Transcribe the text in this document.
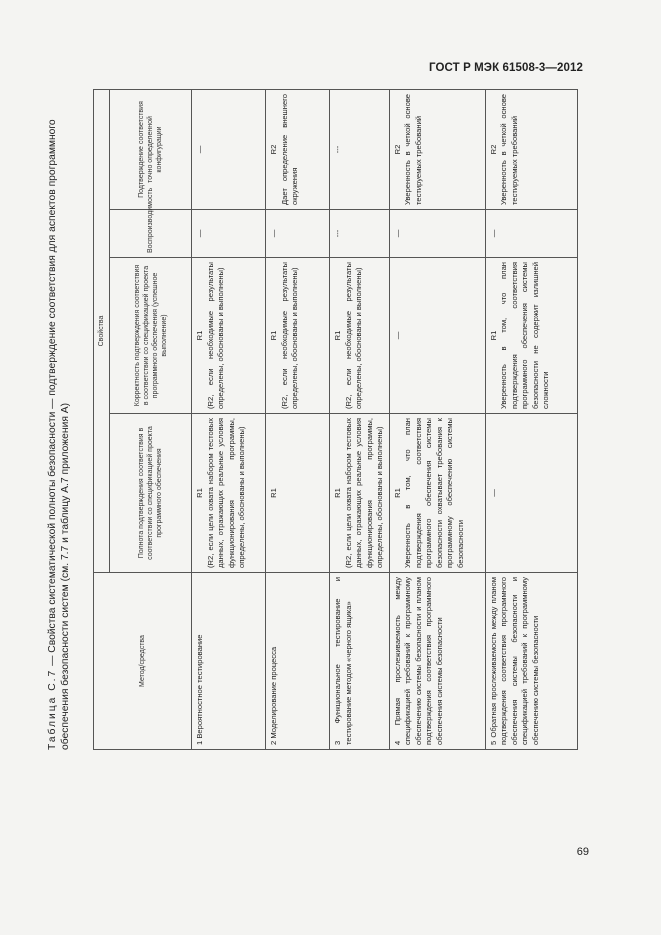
ГОСТ Р МЭК 61508-3—2012
Таблица С.7 — Свойства систематической полноты безопасности — подтверждение соответствия для аспектов программного обеспечения безопасности систем (см. 7.7 и таблицу А.7 приложения А)	Метод/средства	Свойства			
	Полнота подтверждения соответствия в соответствии со спецификацией проекта программного обеспечения	Корректность подтверждения соответствия в соответствии со спецификацией проекта программного обеспечения (успешное выполнение)	Воспроизводимость	Подтверждение соответствия точно определенной конфигурации
1 Вероятностное тестирование	R1 (R2, если цели охвата набором тестовых данных, отражающих реальные условия функционирования программы, определены, обоснованы и выполнены)	R1 (R2, если необходимые результаты определены, обоснованы и выполнены)	—	—

2 Моделирование процесса	R1	R1 (R2, если необходимые результаты определены, обоснованы и выполнены)	—	R2 Дает определение внешнего окружения
3 Функциональное тестирование и тестирование методом «черного ящика»	R1 (R2, если цели охвата набором тестовых данных, отражающих реальные условия функционирования программы, определены, обоснованы и выполнены)	R1 (R2, если необходимые результаты определены, обоснованы и выполнены)	---	---

4 Прямая прослеживаемость между спецификацией требований к программному обеспечению системы безопасности и планом подтверждения соответствия программного обеспечения системы безопасности	R1 Уверенность в том, что план подтверждения соответствия программного обеспечения системы безопасности охватывает требования к программному обеспечению системы безопасности	—	—	R2 Уверенность в четкой основе тестируемых требований
5 Обратная прослеживаемость между планом подтверждения соответствия программного обеспечения системы безопасности и спецификацией требований к программному обеспечению системы безопасности	—	R1 Уверенность в том, что план подтверждения соответствия программного обеспечения системы безопасности не содержит излишней сложности	—	R2 Уверенность в четкой основе тестируемых требований
69
